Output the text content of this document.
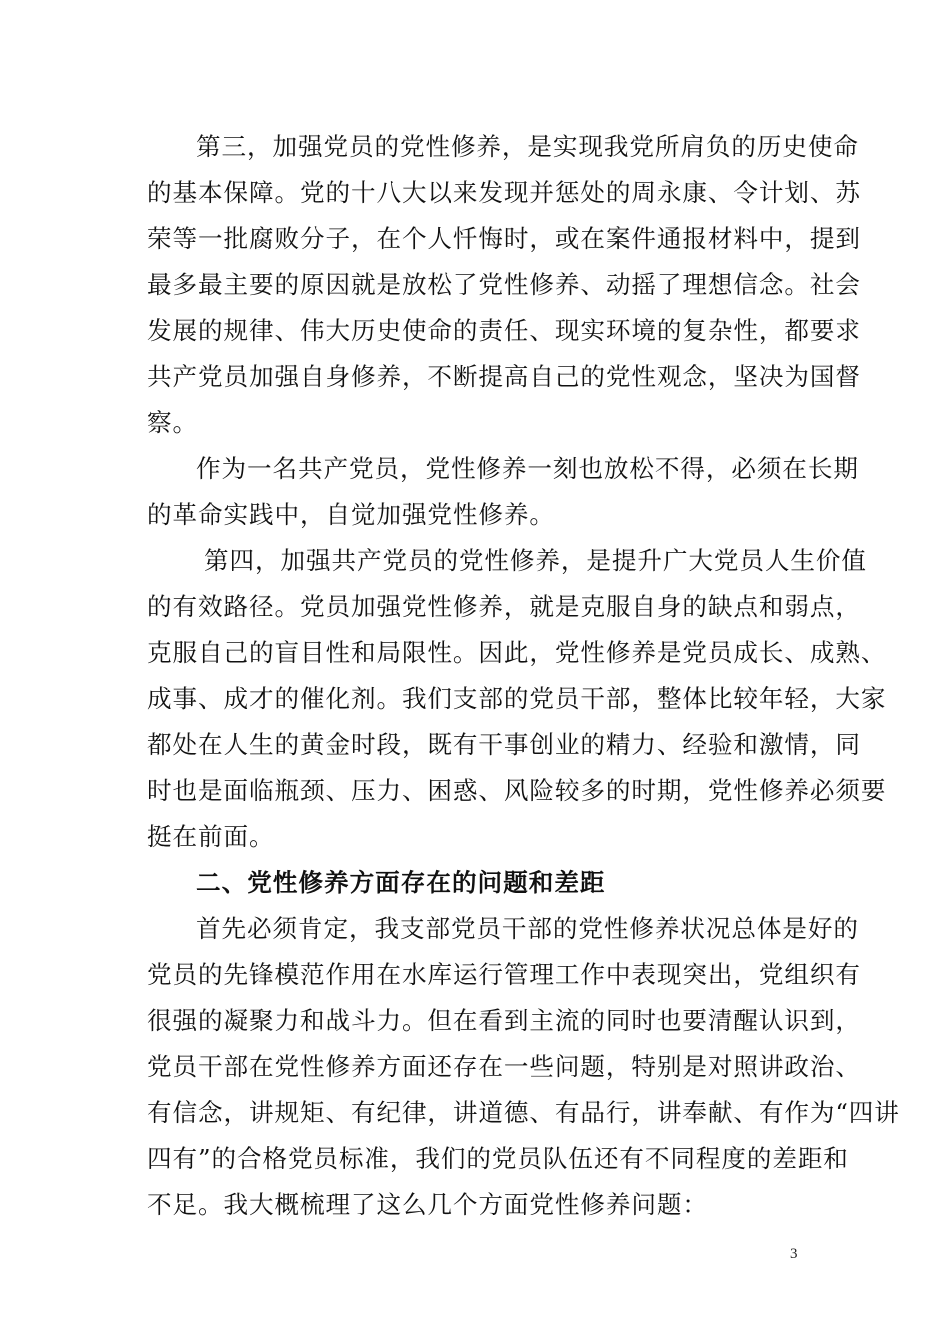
第三，加强党员的党性修养，是实现我党所肩负的历史使命
的基本保障。党的十八大以来发现并惩处的周永康、令计划、苏
荣等一批腐败分子，在个人忏悔时，或在案件通报材料中，提到
最多最主要的原因就是放松了党性修养、动摇了理想信念。社会
发展的规律、伟大历史使命的责任、现实环境的复杂性，都要求
共产党员加强自身修养，不断提高自己的党性观念，坚决为国督
察。
作为一名共产党员，党性修养一刻也放松不得，必须在长期
的革命实践中，自觉加强党性修养。
第四，加强共产党员的党性修养，是提升广大党员人生价值
的有效路径。党员加强党性修养，就是克服自身的缺点和弱点，
克服自己的盲目性和局限性。因此，党性修养是党员成长、成熟、
成事、成才的催化剂。我们支部的党员干部，整体比较年轻，大家
都处在人生的黄金时段，既有干事创业的精力、经验和激情，同
时也是面临瓶颈、压力、困惑、风险较多的时期，党性修养必须要
挺在前面。
二、党性修养方面存在的问题和差距
首先必须肯定，我支部党员干部的党性修养状况总体是好的
党员的先锋模范作用在水库运行管理工作中表现突出，党组织有
很强的凝聚力和战斗力。但在看到主流的同时也要清醒认识到，
党员干部在党性修养方面还存在一些问题，特别是对照讲政治、
有信念，讲规矩、有纪律，讲道德、有品行，讲奉献、有作为“四讲
四有”的合格党员标准，我们的党员队伍还有不同程度的差距和
不足。我大概梳理了这么几个方面党性修养问题：
3
